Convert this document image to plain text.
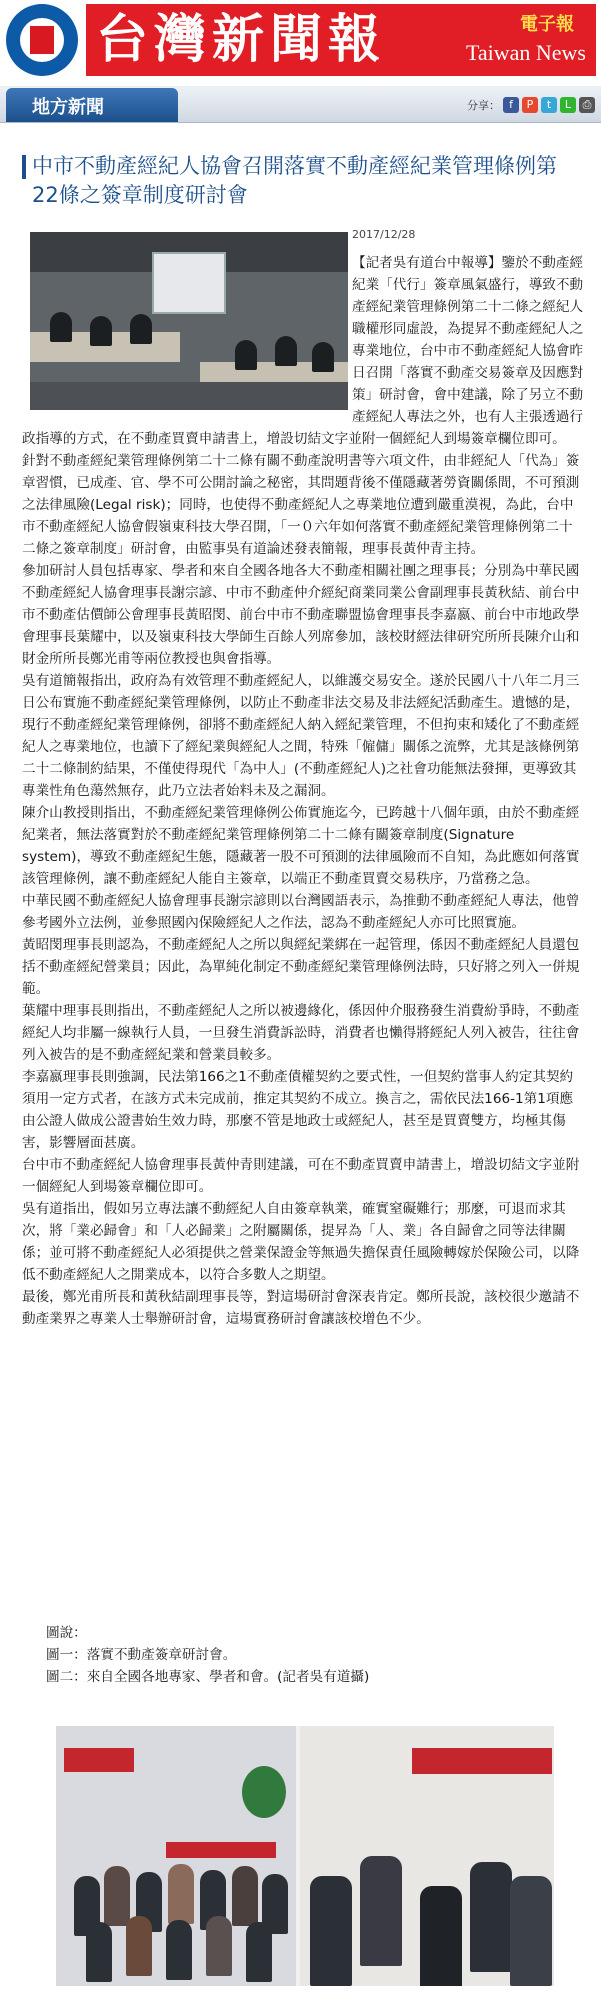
台灣新聞報	電子報
Taiwan News
地方新聞	分享： f	P	t	L	⎙
中市不動產經紀人協會召開落實不動產經紀業管理條例第22條之簽章制度研討會
2017/12/28

【記者吳有道台中報導】鑒於不動產經紀業「代行」簽章風氣盛行，導致不動產經紀業管理條例第二十二條之經紀人職權形同虛設，為提昇不動產經紀人之專業地位，台中市不動產經紀人協會昨日召開「落實不動產交易簽章及因應對策」研討會，會中建議，除了另立不動產經紀人專法之外，也有人主張透過行政指導的方式，在不動產買賣申請書上，增設切結文字並附一個經紀人到場簽章欄位即可。

針對不動產經紀業管理條例第二十二條有關不動產說明書等六項文件，由非經紀人「代為」簽章習慣，已成產、官、學不可公開討論之秘密，其問題背後不僅隱藏著勞資關係間，不可預測之法律風險(Legal risk)；同時，也使得不動產經紀人之專業地位遭到嚴重漠視，為此，台中市不動產經紀人協會假嶺東科技大學召開，「一０六年如何落實不動產經紀業管理條例第二十二條之簽章制度」研討會，由監事吳有道論述發表簡報，理事長黃仲青主持。

參加研討人員包括專家、學者和來自全國各地各大不動產相關社團之理事長；分別為中華民國不動產經紀人協會理事長謝宗諺、中市不動產仲介經紀商業同業公會副理事長黃秋結、前台中市不動產估價師公會理事長黃昭閔、前台中市不動產聯盟協會理事長李嘉嬴、前台中市地政學會理事長葉耀中，以及嶺東科技大學師生百餘人列席參加，該校財經法律研究所所長陳介山和財金所所長鄭光甫等兩位教授也與會指導。

吳有道簡報指出，政府為有效管理不動產經紀人，以維護交易安全。遂於民國八十八年二月三日公布實施不動產經紀業管理條例，以防止不動產非法交易及非法經紀活動產生。遺憾的是，現行不動產經紀業管理條例，卻將不動產經紀人納入經紀業管理，不但拘束和矮化了不動產經紀人之專業地位，也讀下了經紀業與經紀人之間，特殊「僱傭」關係之流弊，尤其是該條例第二十二條制約結果，不僅使得現代「為中人」(不動產經紀人)之社會功能無法發揮，更導致其專業性角色蕩然無存，此乃立法者始料未及之漏洞。

陳介山教授則指出，不動產經紀業管理條例公佈實施迄今，已跨越十八個年頭，由於不動產經紀業者，無法落實對於不動產經紀業管理條例第二十二條有關簽章制度(Signature system)，導致不動產經紀生態，隱藏著一股不可預測的法律風險而不自知，為此應如何落實該管理條例，讓不動產經紀人能自主簽章，以端正不動產買賣交易秩序，乃當務之急。

中華民國不動產經紀人協會理事長謝宗諺則以台灣國語表示，為推動不動產經紀人專法，他曾參考國外立法例，並參照國內保險經紀人之作法，認為不動產經紀人亦可比照實施。

黃昭閔理事長則認為，不動產經紀人之所以與經紀業綁在一起管理，係因不動產經紀人員還包括不動產經紀營業員；因此，為單純化制定不動產經紀業管理條例法時，只好將之列入一併規範。

葉耀中理事長則指出，不動產經紀人之所以被邊緣化，係因仲介服務發生消費紛爭時，不動產經紀人均非屬一線執行人員，一旦發生消費訴訟時，消費者也懶得將經紀人列入被告，往往會列入被告的是不動產經紀業和營業員較多。

李嘉嬴理事長則強調，民法第166之1不動產債權契約之要式性，一但契約當事人約定其契約須用一定方式者，在該方式未完成前，推定其契約不成立。換言之，需依民法166-1第1項應由公證人做成公證書始生效力時，那麼不管是地政士或經紀人，甚至是買賣雙方，均極其傷害，影響層面甚廣。

台中市不動產經紀人協會理事長黃仲青則建議，可在不動產買賣申請書上，增設切結文字並附一個經紀人到場簽章欄位即可。

吳有道指出，假如另立專法讓不動經紀人自由簽章執業，確實窒礙難行；那麼，可退而求其次，將「業必歸會」和「人必歸業」之附屬關係，提昇為「人、業」各自歸會之同等法律關係；並可將不動產經紀人必須提供之營業保證金等無過失擔保責任風險轉嫁於保險公司，以降低不動產經紀人之開業成本，以符合多數人之期望。

最後，鄭光甫所長和黃秋結副理事長等，對這場研討會深表肯定。鄭所長說，該校很少邀請不動產業界之專業人士舉辦研討會，這場實務研討會讓該校增色不少。

圖說：

圖一：落實不動產簽章研討會。

圖二：來自全國各地專家、學者和會。(記者吳有道攝)
